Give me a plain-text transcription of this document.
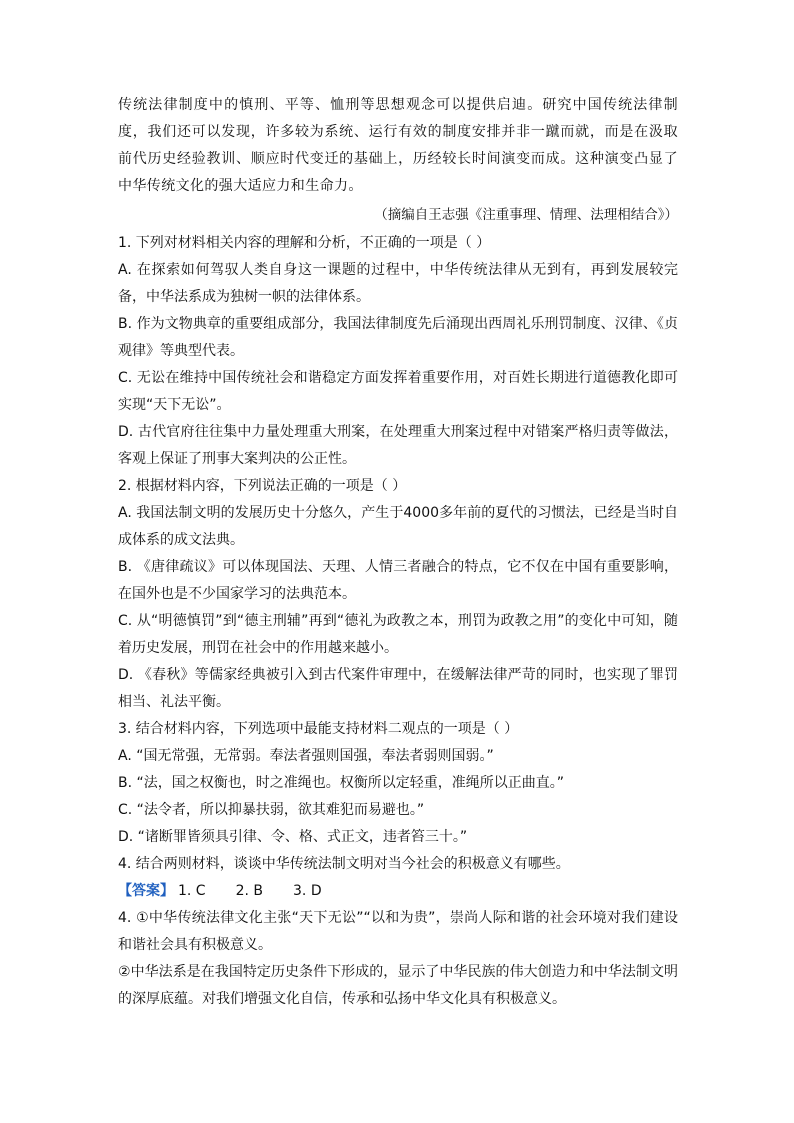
传统法律制度中的慎刑、平等、恤刑等思想观念可以提供启迪。研究中国传统法律制度，我们还可以发现，许多较为系统、运行有效的制度安排并非一蹴而就，而是在汲取前代历史经验教训、顺应时代变迁的基础上，历经较长时间演变而成。这种演变凸显了中华传统文化的强大适应力和生命力。

（摘编自王志强《注重事理、情理、法理相结合》）

1. 下列对材料相关内容的理解和分析，不正确的一项是（ ）

A. 在探索如何驾驭人类自身这一课题的过程中，中华传统法律从无到有，再到发展较完备，中华法系成为独树一帜的法律体系。

B. 作为文物典章的重要组成部分，我国法律制度先后涌现出西周礼乐刑罚制度、汉律、《贞观律》等典型代表。

C. 无讼在维持中国传统社会和谐稳定方面发挥着重要作用，对百姓长期进行道德教化即可实现“天下无讼”。

D. 古代官府往往集中力量处理重大刑案，在处理重大刑案过程中对错案严格归责等做法，客观上保证了刑事大案判决的公正性。

2. 根据材料内容，下列说法正确的一项是（ ）

A. 我国法制文明的发展历史十分悠久，产生于4000多年前的夏代的习惯法，已经是当时自成体系的成文法典。

B. 《唐律疏议》可以体现国法、天理、人情三者融合的特点，它不仅在中国有重要影响，在国外也是不少国家学习的法典范本。

C. 从“明德慎罚”到“德主刑辅”再到“德礼为政教之本，刑罚为政教之用”的变化中可知，随着历史发展，刑罚在社会中的作用越来越小。

D. 《春秋》等儒家经典被引入到古代案件审理中，在缓解法律严苛的同时，也实现了罪罚相当、礼法平衡。

3. 结合材料内容，下列选项中最能支持材料二观点的一项是（ ）

A. “国无常强，无常弱。奉法者强则国强，奉法者弱则国弱。”

B. “法，国之权衡也，时之准绳也。权衡所以定轻重，准绳所以正曲直。”

C. “法令者，所以抑暴扶弱，欲其难犯而易避也。”

D. “诸断罪皆须具引律、令、格、式正文，违者笞三十。”

4. 结合两则材料，谈谈中华传统法制文明对当今社会的积极意义有哪些。

【答案】 1. C 2. B 3. D

4. ①中华传统法律文化主张“天下无讼”“以和为贵”，崇尚人际和谐的社会环境对我们建设和谐社会具有积极意义。

②中华法系是在我国特定历史条件下形成的，显示了中华民族的伟大创造力和中华法制文明的深厚底蕴。对我们增强文化自信，传承和弘扬中华文化具有积极意义。
